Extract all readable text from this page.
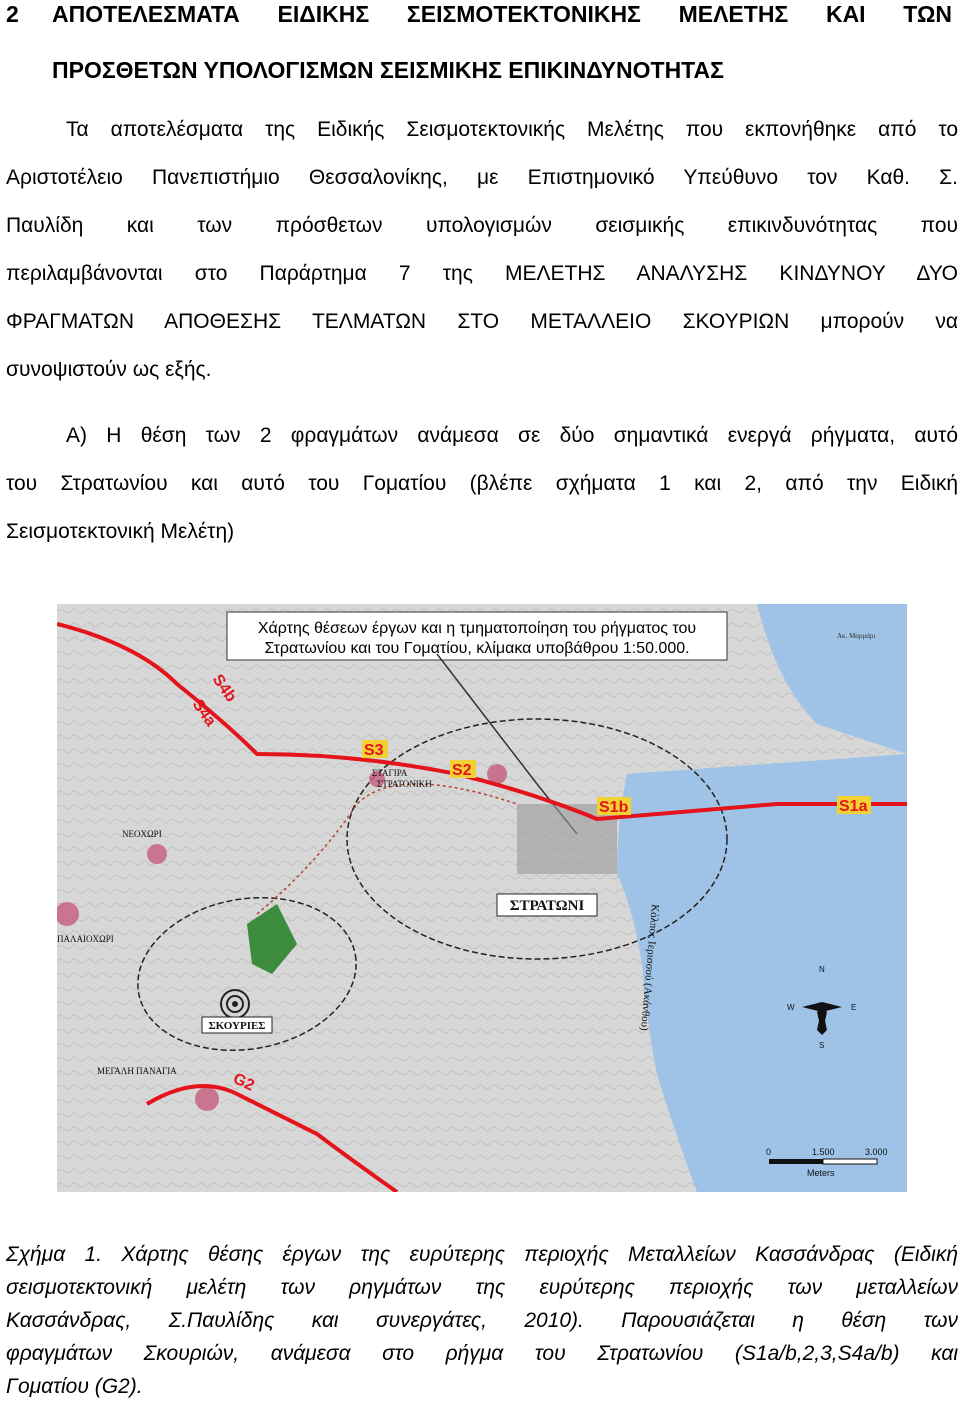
2 ΑΠΟΤΕΛΕΣΜΑΤΑ ΕΙΔΙΚΗΣ ΣΕΙΣΜΟΤΕΚΤΟΝΙΚΗΣ ΜΕΛΕΤΗΣ ΚΑΙ ΤΩΝ
ΠΡΟΣΘΕΤΩΝ ΥΠΟΛΟΓΙΣΜΩΝ ΣΕΙΣΜΙΚΗΣ ΕΠΙΚΙΝΔΥΝΟΤΗΤΑΣ
Τα αποτελέσματα της Ειδικής Σεισμοτεκτονικής Μελέτης που εκπονήθηκε από το
Αριστοτέλειο Πανεπιστήμιο Θεσσαλονίκης, με Επιστημονικό Υπεύθυνο τον Καθ. Σ.
Παυλίδη και των πρόσθετων υπολογισμών σεισμικής επικινδυνότητας που
περιλαμβάνονται στο Παράρτημα 7 της ΜΕΛΕΤΗΣ ΑΝΑΛΥΣΗΣ ΚΙΝΔΥΝΟΥ ΔΥΟ
ΦΡΑΓΜΑΤΩΝ ΑΠΟΘΕΣΗΣ ΤΕΛΜΑΤΩΝ ΣΤΟ ΜΕΤΑΛΛΕΙΟ ΣΚΟΥΡΙΩΝ μπορούν να
συνοψιστούν ως εξής.
Α) Η θέση των 2 φραγμάτων ανάμεσα σε δύο σημαντικά ενεργά ρήγματα, αυτό
του Στρατωνίου και αυτό του Γοματίου (βλέπε σχήματα 1 και 2, από την Ειδική
Σεισμοτεκτονική Μελέτη)
Χάρτης θέσεων έργων και η τμηματοποίηση του ρήγματος του
Στρατωνίου και του Γοματίου, κλίμακα υποβάθρου 1:50.000.
Ακ. Μαρμάρι
S4b
S4a
S3
S2
S1b	S1a
G2
ΣΤΡΑΤΩΝΙ
ΣΚΟΥΡΙΕΣ
ΣΤΑΓΙΡΑ
ΣΤΡΑΤΟΝΙΚΗ
ΝΕΟΧΩΡΙ
ΠΑΛΑΙΟΧΩΡΙ
ΜΕΓΑΛΗ ΠΑΝΑΓΙΑ
Κόλπος Ιερισσού (Ακάνθου)	N
S
E
W
0	1.500	3.000
Meters
Σχήμα 1. Χάρτης θέσης έργων της ευρύτερης περιοχής Μεταλλείων Κασσάνδρας (Ειδική
σεισμοτεκτονική μελέτη των ρηγμάτων της ευρύτερης περιοχής των μεταλλείων
Κασσάνδρας, Σ.Παυλίδης και συνεργάτες, 2010). Παρουσιάζεται η θέση των
φραγμάτων Σκουριών, ανάμεσα στο ρήγμα του Στρατωνίου (S1a/b,2,3,S4a/b) και
Γοματίου (G2).
